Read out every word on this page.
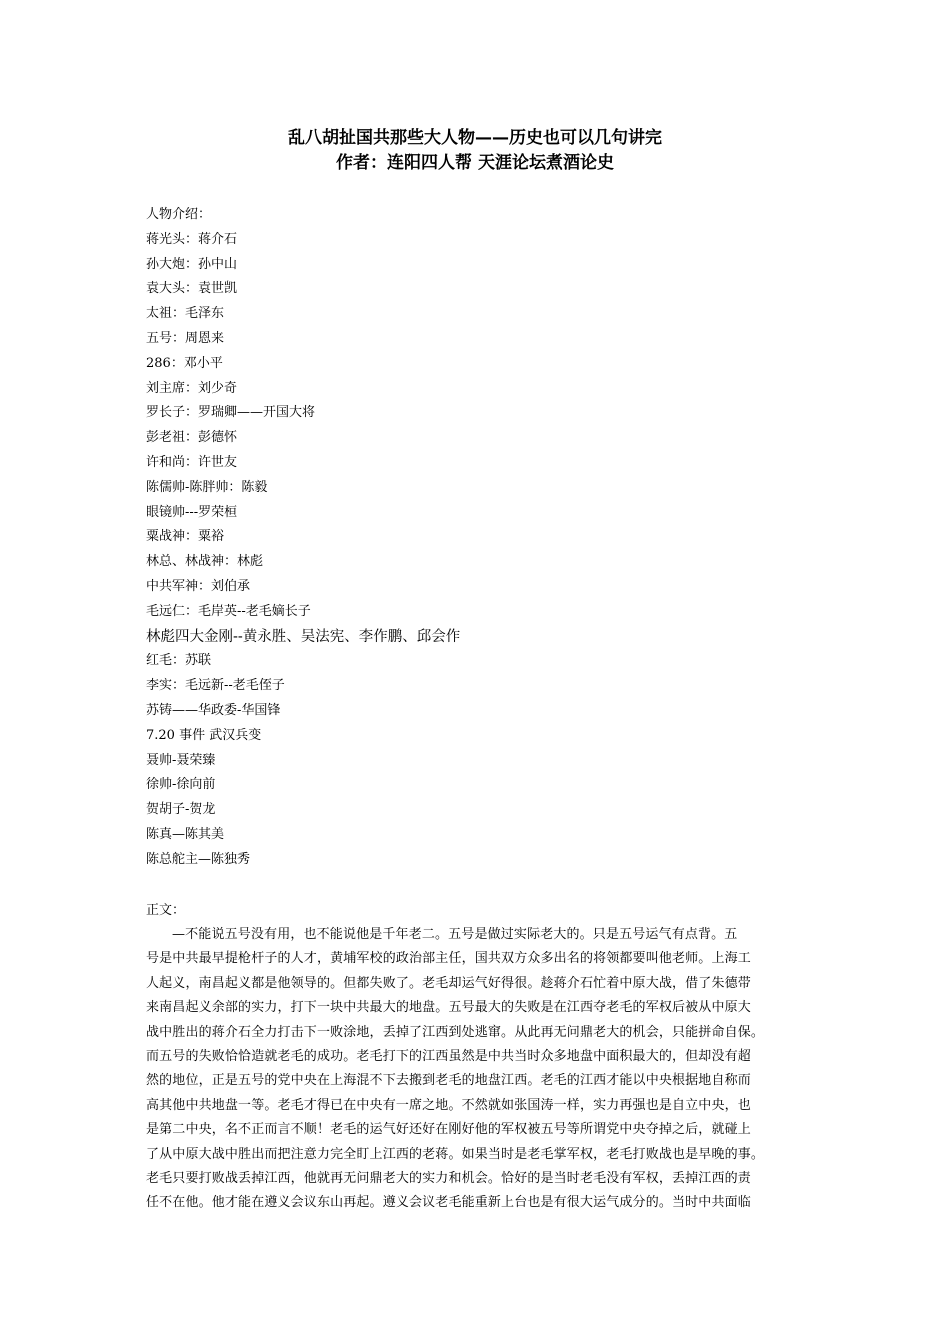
乱八胡扯国共那些大人物——历史也可以几句讲完
作者：连阳四人帮 天涯论坛煮酒论史
人物介绍：
蒋光头：蒋介石
孙大炮：孙中山
袁大头：袁世凯
太祖：毛泽东
五号：周恩来
286：邓小平
刘主席：刘少奇
罗长子：罗瑞卿——开国大将
彭老祖：彭德怀
许和尚：许世友
陈儒帅-陈胖帅：陈毅
眼镜帅---罗荣桓
粟战神：粟裕
林总、林战神：林彪
中共军神：刘伯承
毛远仁：毛岸英--老毛嫡长子
林彪四大金刚--黄永胜、吴法宪、李作鹏、邱会作
红毛：苏联
李实：毛远新--老毛侄子
苏铸——华政委-华国锋
7.20 事件 武汉兵变
聂帅-聂荣臻
徐帅-徐向前
贺胡子-贺龙
陈真—陈其美
陈总舵主—陈独秀
正文：
—不能说五号没有用，也不能说他是千年老二。五号是做过实际老大的。只是五号运气有点背。五
号是中共最早提枪杆子的人才，黄埔军校的政治部主任，国共双方众多出名的将领都要叫他老师。上海工
人起义，南昌起义都是他领导的。但都失败了。老毛却运气好得很。趁蒋介石忙着中原大战，借了朱德带
来南昌起义余部的实力，打下一块中共最大的地盘。五号最大的失败是在江西夺老毛的军权后被从中原大
战中胜出的蒋介石全力打击下一败涂地，丢掉了江西到处逃窜。从此再无问鼎老大的机会，只能拼命自保。
而五号的失败恰恰造就老毛的成功。老毛打下的江西虽然是中共当时众多地盘中面积最大的，但却没有超
然的地位，正是五号的党中央在上海混不下去搬到老毛的地盘江西。老毛的江西才能以中央根据地自称而
高其他中共地盘一等。老毛才得已在中央有一席之地。不然就如张国涛一样，实力再强也是自立中央，也
是第二中央，名不正而言不顺！老毛的运气好还好在刚好他的军权被五号等所谓党中央夺掉之后，就碰上
了从中原大战中胜出而把注意力完全盯上江西的老蒋。如果当时是老毛掌军权，老毛打败战也是早晚的事。
老毛只要打败战丢掉江西，他就再无问鼎老大的实力和机会。恰好的是当时老毛没有军权，丢掉江西的责
任不在他。他才能在遵义会议东山再起。遵义会议老毛能重新上台也是有很大运气成分的。当时中共面临
